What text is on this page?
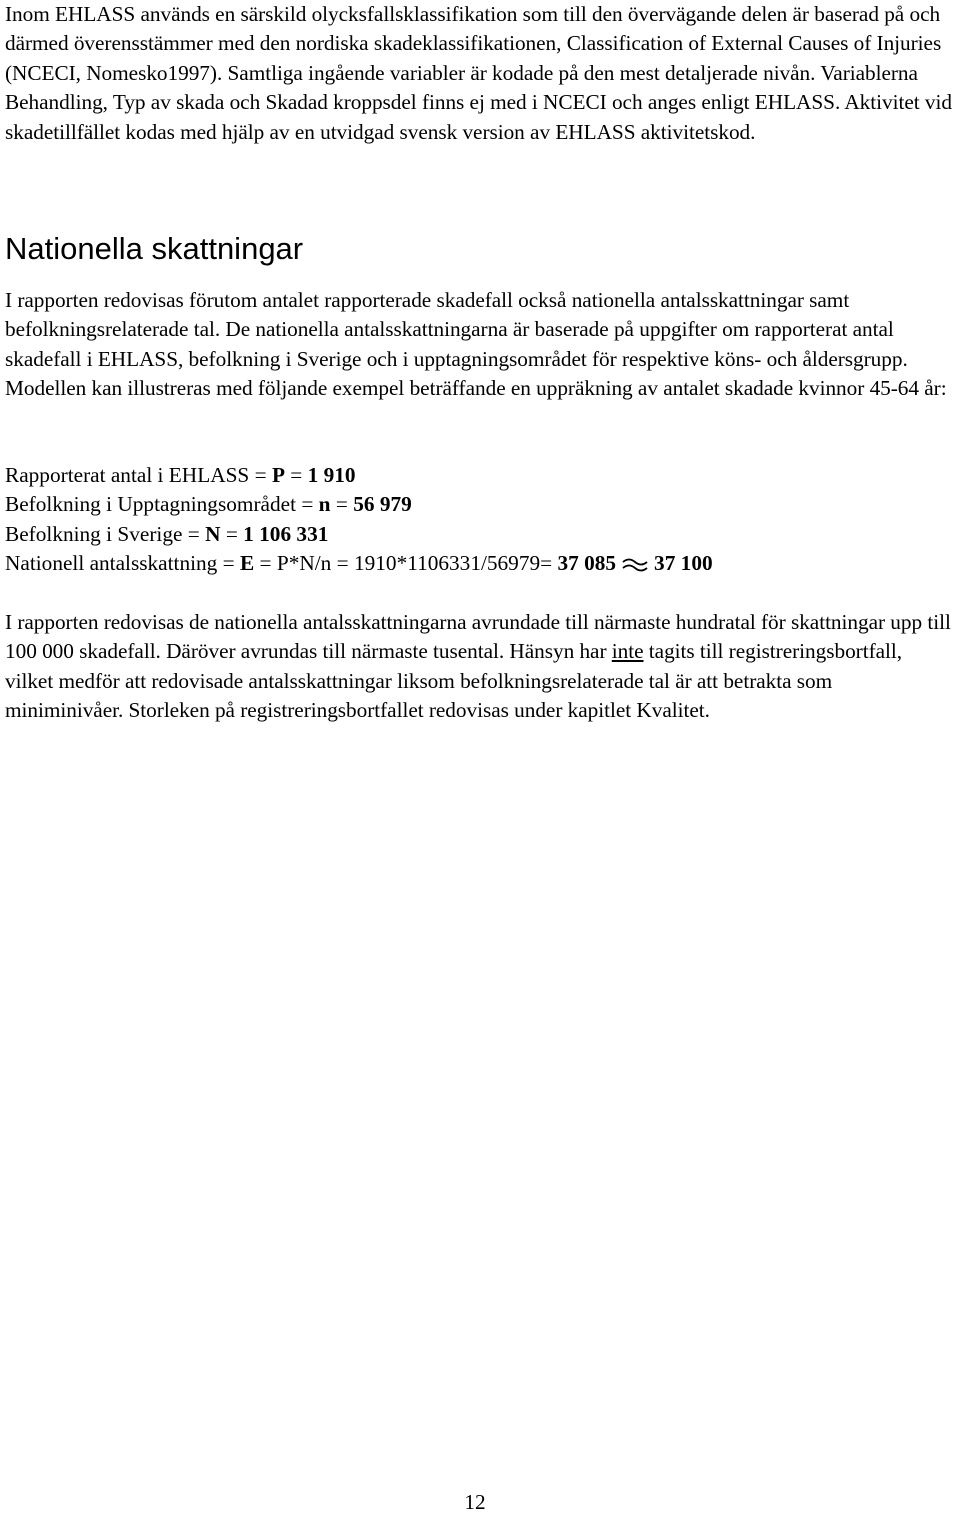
Inom EHLASS används en särskild olycksfallsklassifikation som till den övervägande delen är baserad på och därmed överensstämmer med den nordiska skadeklassifikationen, Classification of External Causes of Injuries (NCECI, Nomesko1997). Samtliga ingående variabler är kodade på den mest detaljerade nivån. Variablerna Behandling, Typ av skada och Skadad kroppsdel finns ej med i NCECI och anges enligt EHLASS. Aktivitet vid skadetillfället kodas med hjälp av en utvidgad svensk version av EHLASS aktivitetskod.

Nationella skattningar

I rapporten redovisas förutom antalet rapporterade skadefall också nationella antalsskattningar samt befolkningsrelaterade tal. De nationella antalsskattningarna är baserade på uppgifter om rapporterat antal skadefall i EHLASS, befolkning i Sverige och i upptagningsområdet för respektive köns- och åldersgrupp. Modellen kan illustreras med följande exempel beträffande en uppräkning av antalet skadade kvinnor 45-64 år:

Rapporterat antal i EHLASS = P = 1 910
Befolkning i Upptagningsområdet = n = 56 979
Befolkning i Sverige = N = 1 106 331
Nationell antalsskattning = E = P*N/n = 1910*1106331/56979= 37 085 37 100

I rapporten redovisas de nationella antalsskattningarna avrundade till närmaste hundratal för skattningar upp till 100 000 skadefall. Däröver avrundas till närmaste tusental. Hänsyn har inte tagits till registreringsbortfall, vilket medför att redovisade antalsskattningar liksom befolkningsrelaterade tal är att betrakta som miniminivåer. Storleken på registreringsbortfallet redovisas under kapitlet Kvalitet.

12
